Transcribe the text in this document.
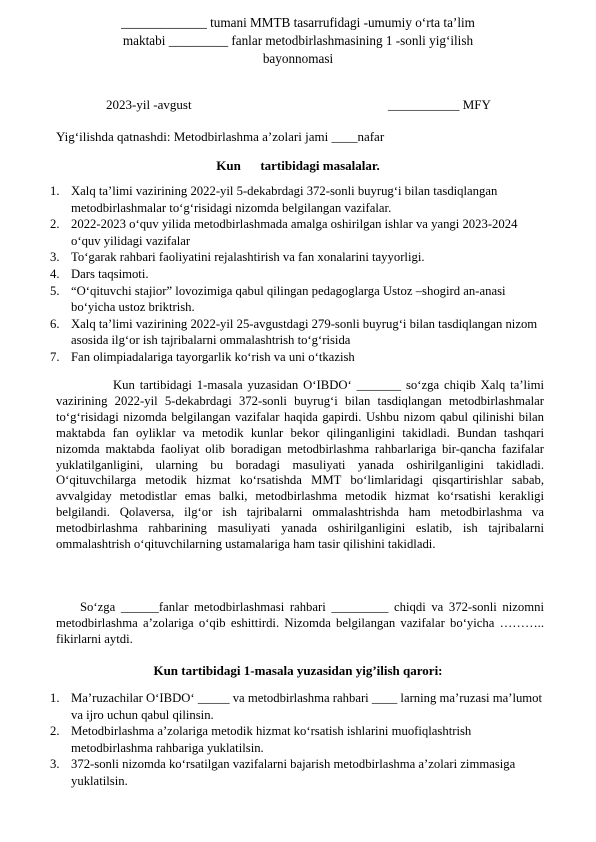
_____________ tumani MMTB tasarrufidagi -umumiy o‘rta ta’lim
maktabi _________ fanlar metodbirlashmasining 1 -sonli yig‘ilish
bayonnomasi
2023-yil -avgust	___________ MFY
Yig‘ilishda qatnashdi: Metodbirlashma a’zolari jami ____nafar
Kun      tartibidagi masalalar.
1. Xalq ta’limi vazirining 2022-yil 5-dekabrdagi 372-sonli buyrug‘i bilan tasdiqlangan metodbirlashmalar to‘g‘risidagi nizomda belgilangan vazifalar.
2. 2022-2023 o‘quv yilida metodbirlashmada amalga oshirilgan ishlar va yangi 2023-2024 o‘quv yilidagi vazifalar
3. To‘garak rahbari faoliyatini rejalashtirish va fan xonalarini tayyorligi.
4. Dars taqsimoti.
5. “O‘qituvchi stajior” lovozimiga qabul qilingan pedagoglarga Ustoz –shogird an-anasi bo‘yicha ustoz briktrish.
6. Xalq ta’limi vazirining 2022-yil 25-avgustdagi 279-sonli buyrug‘i bilan tasdiqlangan nizom asosida ilg‘or ish tajribalarni ommalashtrish to‘g‘risida
7. Fan olimpiadalariga tayorgarlik ko‘rish va uni o‘tkazish

Kun tartibidagi 1-masala yuzasidan O‘IBDO‘ _______ so‘zga chiqib Xalq ta’limi vazirining 2022-yil 5-dekabrdagi 372-sonli buyrug‘i bilan tasdiqlangan metodbirlashmalar to‘g‘risidagi nizomda belgilangan vazifalar haqida gapirdi. Ushbu nizom qabul qilinishi bilan maktabda fan oyliklar va metodik kunlar bekor qilinganligini takidladi. Bundan tashqari nizomda maktabda faoliyat olib boradigan metodbirlashma rahbarlariga bir-qancha fazifalar yuklatilganligini, ularning bu boradagi masuliyati yanada oshirilganligini takidladi. O‘qituvchilarga metodik hizmat ko‘rsatishda MMT bo‘limlaridagi qisqartirishlar sabab, avvalgiday metodistlar emas balki, metodbirlashma metodik hizmat ko‘rsatishi kerakligi belgilandi. Qolaversa, ilg‘or ish tajribalarni ommalashtrishda ham metodbirlashma va metodbirlashma rahbarining masuliyati yanada oshirilganligini eslatib, ish tajribalarni ommalashtrish o‘qituvchilarning ustamalariga ham tasir qilishini takidladi.

So‘zga ______fanlar metodbirlashmasi rahbari _________ chiqdi va 372-sonli nizomni metodbirlashma a’zolariga o‘qib eshittirdi. Nizomda belgilangan vazifalar bo‘yicha ……….. fikirlarni aytdi.

Kun tartibidagi 1-masala yuzasidan yig’ilish qarori:
1. Ma’ruzachilar O‘IBDO‘ _____ va metodbirlashma rahbari ____ larning ma’ruzasi ma’lumot va ijro uchun qabul qilinsin.
2. Metodbirlashma a’zolariga metodik hizmat ko‘rsatish ishlarini muofiqlashtrish metodbirlashma rahbariga yuklatilsin.
3. 372-sonli nizomda ko‘rsatilgan vazifalarni bajarish metodbirlashma a’zolari zimmasiga yuklatilsin.
